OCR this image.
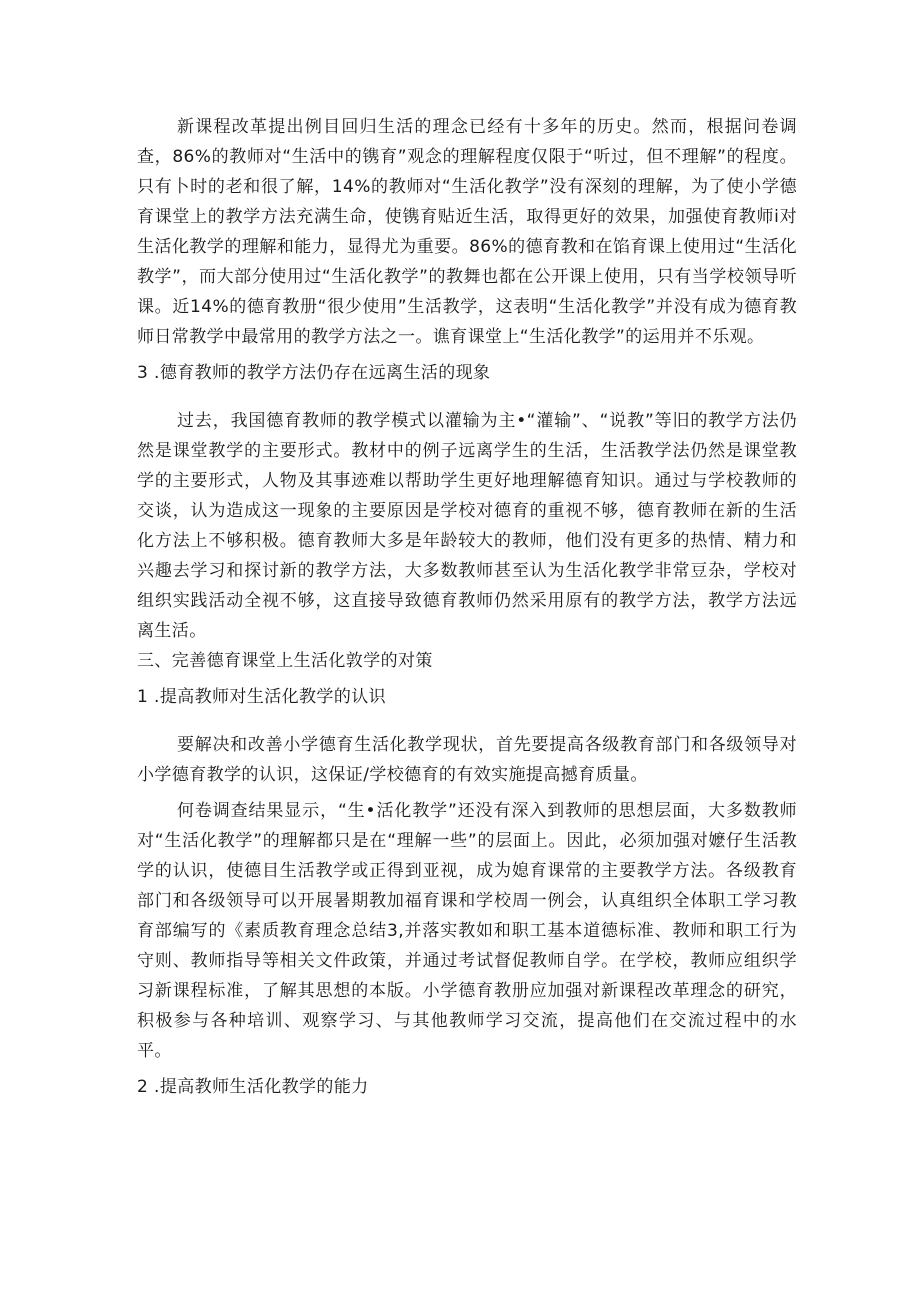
新课程改革提出例目回归生活的理念已经有十多年的历史。然而，根据问卷调查，86%的教师对“生活中的镌育”观念的理解程度仅限于“听过，但不理解”的程度。只有卜时的老和很了解，14%的教师对“生活化教学”没有深刻的理解，为了使小学德育课堂上的教学方法充满生命，使镌育贴近生活，取得更好的效果，加强使育教师i对生活化教学的理解和能力，显得尤为重要。86%的德育教和在馅育课上使用过“生活化教学”，而大部分使用过“生活化教学”的教舞也都在公开课上使用，只有当学校领导听课。近14%的德育教册“很少使用”生活教学，这表明“生活化教学”并没有成为德育教师日常教学中最常用的教学方法之一。谯育课堂上“生活化教学”的运用并不乐观。

3 .德育教师的教学方法仍存在远离生活的现象

过去，我国德育教师的教学模式以灌输为主•“灌输”、“说教”等旧的教学方法仍然是课堂教学的主要形式。教材中的例子远离学生的生活，生活教学法仍然是课堂教学的主要形式，人物及其事迹难以帮助学生更好地理解德育知识。通过与学校教师的交谈，认为造成这一现象的主要原因是学校对德育的重视不够，德育教师在新的生活化方法上不够积极。德育教师大多是年龄较大的教师，他们没有更多的热情、精力和兴趣去学习和探讨新的教学方法，大多数教师甚至认为生活化教学非常豆杂，学校对组织实践活动全视不够，这直接导致德育教师仍然采用原有的教学方法，教学方法远离生活。

三、完善德育课堂上生活化敦学的对策

1 .提高教师对生活化教学的认识

要解决和改善小学德育生活化教学现状，首先要提高各级教育部门和各级领导对小学德育教学的认识，这保证/学校德育的有效实施提高撼育质量。

何卷调查结果显示，“生•活化教学”还没有深入到教师的思想层面，大多数教师对“生活化教学”的理解都只是在“理解一些”的层面上。因此，必须加强对嬷仔生活教学的认识，使德目生活教学或正得到亚视，成为媳育课常的主要教学方法。各级教育部门和各级领导可以开展暑期教加福育课和学校周一例会，认真组织全体职工学习教育部编写的《素质教育理念总结3,并落实教如和职工基本道德标准、教师和职工行为守则、教师指导等相关文件政策，并通过考试督促教师自学。在学校，教师应组织学习新课程标准，了解其思想的本版。小学德育教册应加强对新课程改革理念的研究，积极参与各种培训、观察学习、与其他教师学习交流，提高他们在交流过程中的水平。

2 .提高教师生活化教学的能力
